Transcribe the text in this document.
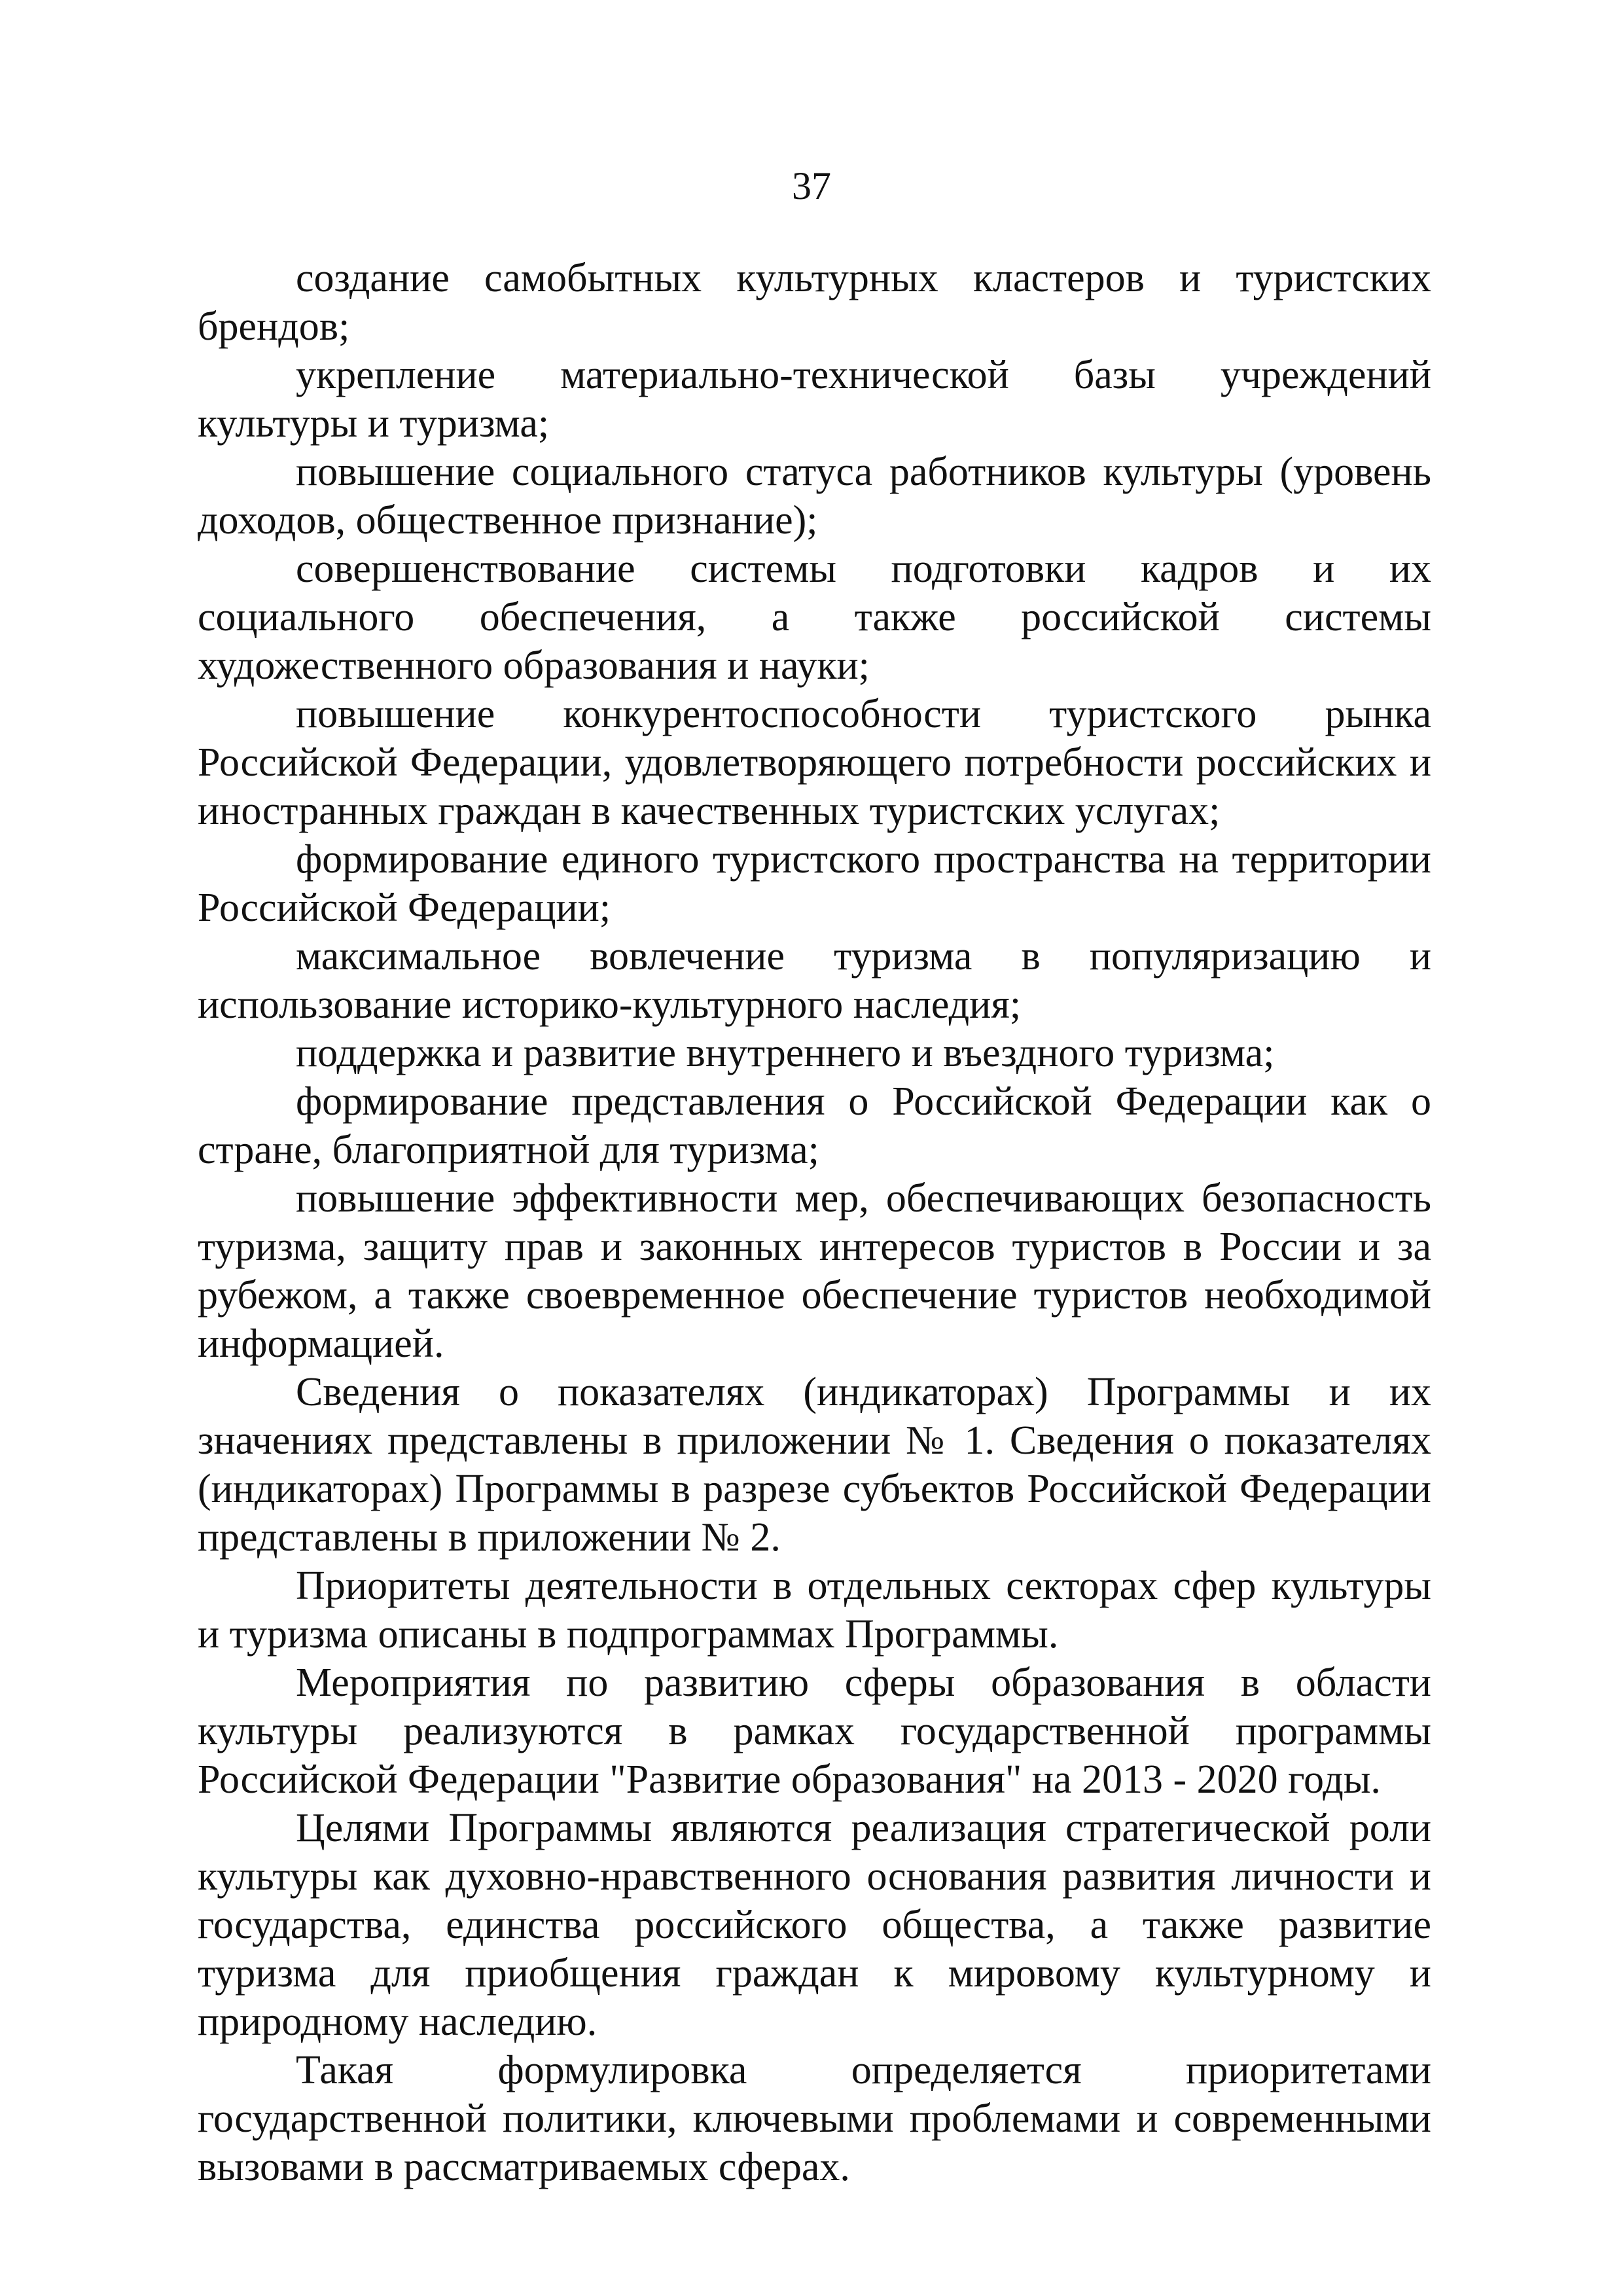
37

создание самобытных культурных кластеров и туристских брендов;

укрепление материально-технической базы учреждений культуры и туризма;

повышение социального статуса работников культуры (уровень доходов, общественное признание);

совершенствование системы подготовки кадров и их социального обеспечения, а также российской системы художественного образования и науки;

повышение конкурентоспособности туристского рынка Российской Федерации, удовлетворяющего потребности российских и иностранных граждан в качественных туристских услугах;

формирование единого туристского пространства на территории Российской Федерации;

максимальное вовлечение туризма в популяризацию и использование историко-культурного наследия;

поддержка и развитие внутреннего и въездного туризма;

формирование представления о Российской Федерации как о стране, благоприятной для туризма;

повышение эффективности мер, обеспечивающих безопасность туризма, защиту прав и законных интересов туристов в России и за рубежом, а также своевременное обеспечение туристов необходимой информацией.

Сведения о показателях (индикаторах) Программы и их значениях представлены в приложении № 1. Сведения о показателях (индикаторах) Программы в разрезе субъектов Российской Федерации представлены в приложении № 2.

Приоритеты деятельности в отдельных секторах сфер культуры и туризма описаны в подпрограммах Программы.

Мероприятия по развитию сферы образования в области культуры реализуются в рамках государственной программы Российской Федерации "Развитие образования" на 2013 - 2020 годы.

Целями Программы являются реализация стратегической роли культуры как духовно-нравственного основания развития личности и государства, единства российского общества, а также развитие туризма для приобщения граждан к мировому культурному и природному наследию.

Такая формулировка определяется приоритетами государственной политики, ключевыми проблемами и современными вызовами в рассматриваемых сферах.
